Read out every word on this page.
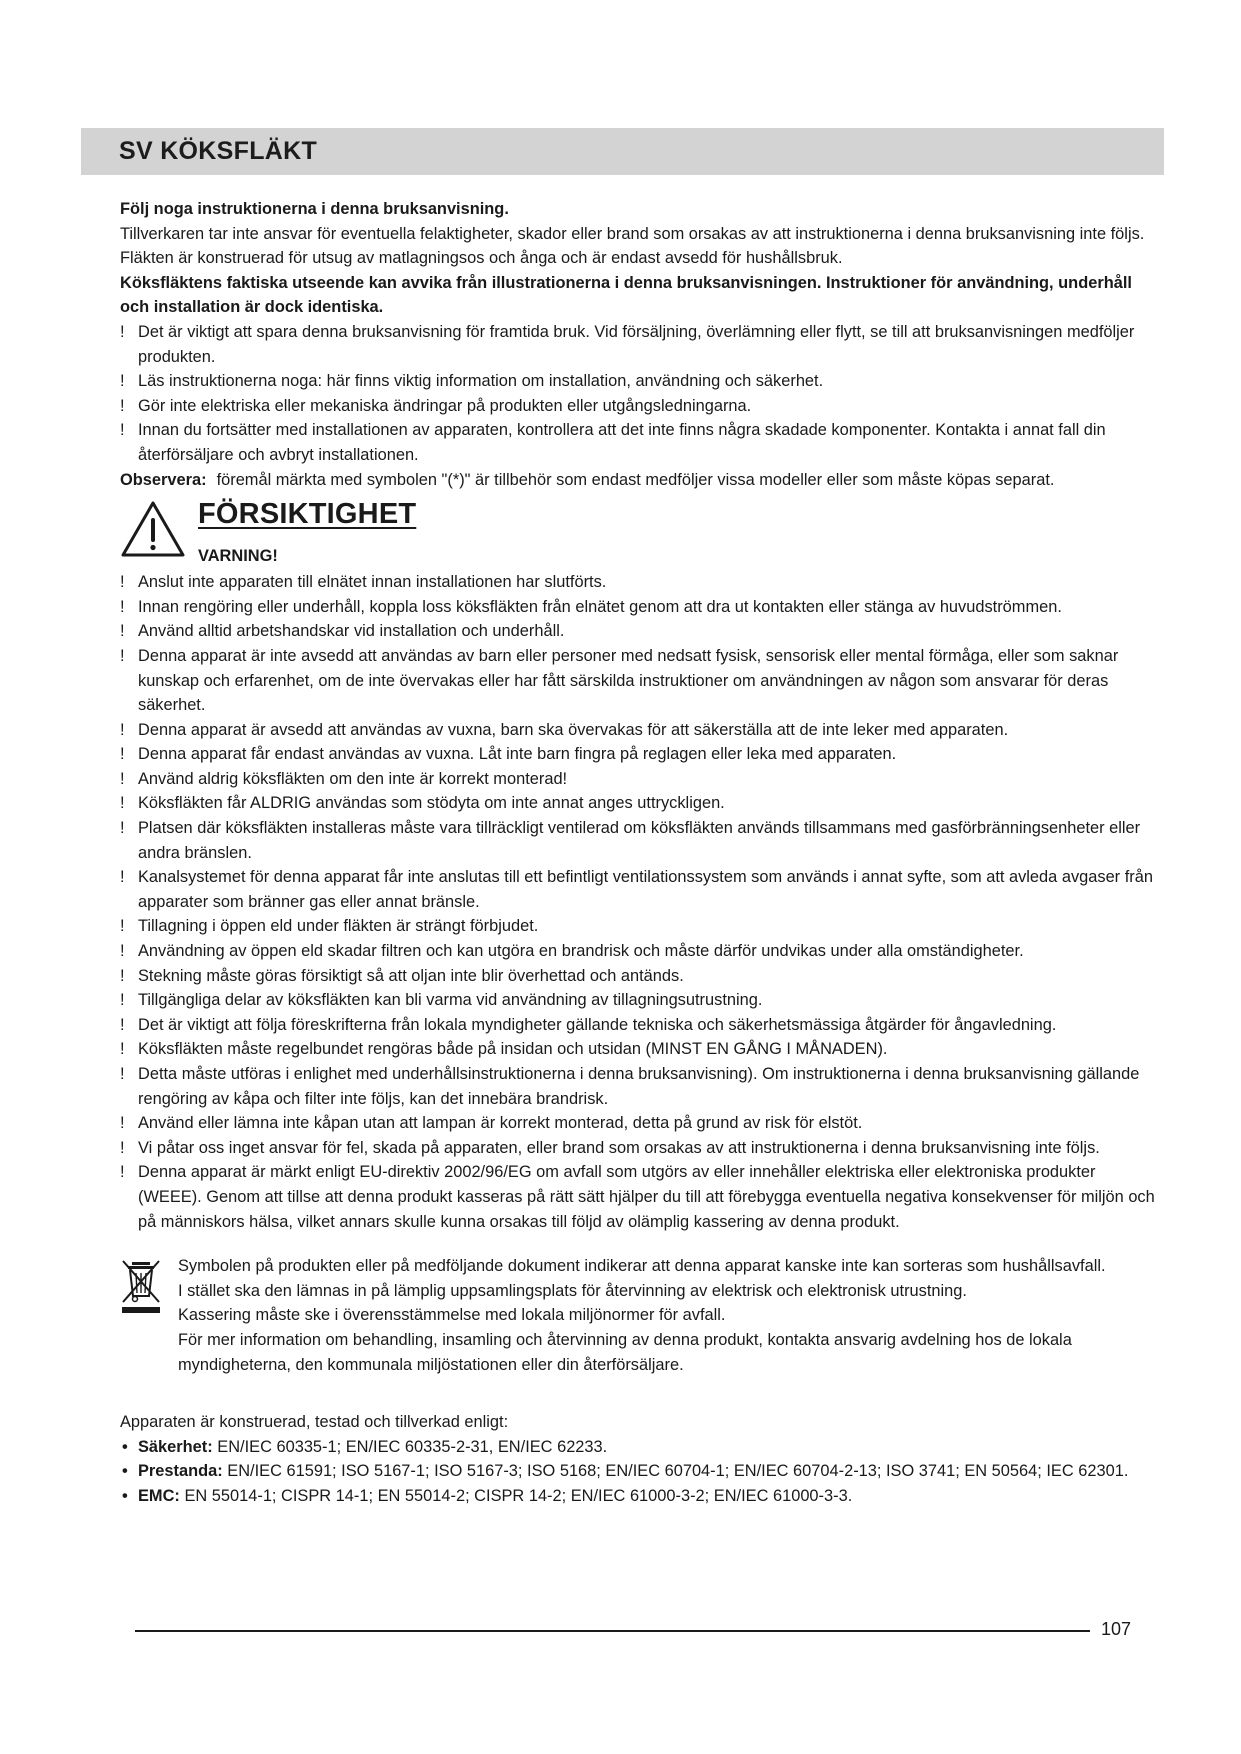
SV KÖKSFLÄKT

Följ noga instruktionerna i denna bruksanvisning.

Tillverkaren tar inte ansvar för eventuella felaktigheter, skador eller brand som orsakas av att instruktionerna i denna bruksanvisning inte följs.

Fläkten är konstruerad för utsug av matlagningsos och ånga och är endast avsedd för hushållsbruk.

Köksfläktens faktiska utseende kan avvika från illustrationerna i denna bruksanvisningen. Instruktioner för användning, underhåll och installation är dock identiska.

! Det är viktigt att spara denna bruksanvisning för framtida bruk. Vid försäljning, överlämning eller flytt, se till att bruksanvisningen medföljer produkten.

! Läs instruktionerna noga: här finns viktig information om installation, användning och säkerhet.

! Gör inte elektriska eller mekaniska ändringar på produkten eller utgångsledningarna.

! Innan du fortsätter med installationen av apparaten, kontrollera att det inte finns några skadade komponenter. Kontakta i annat fall din återförsäljare och avbryt installationen.

Observera: föremål märkta med symbolen "(*)" är tillbehör som endast medföljer vissa modeller eller som måste köpas separat.

FÖRSIKTIGHET
VARNING!

! Anslut inte apparaten till elnätet innan installationen har slutförts.

! Innan rengöring eller underhåll, koppla loss köksfläkten från elnätet genom att dra ut kontakten eller stänga av huvudströmmen.

! Använd alltid arbetshandskar vid installation och underhåll.

! Denna apparat är inte avsedd att användas av barn eller personer med nedsatt fysisk, sensorisk eller mental förmåga, eller som saknar kunskap och erfarenhet, om de inte övervakas eller har fått särskilda instruktioner om användningen av någon som ansvarar för deras säkerhet.

! Denna apparat är avsedd att användas av vuxna, barn ska övervakas för att säkerställa att de inte leker med apparaten.

! Denna apparat får endast användas av vuxna. Låt inte barn fingra på reglagen eller leka med apparaten.

! Använd aldrig köksfläkten om den inte är korrekt monterad!

! Köksfläkten får ALDRIG användas som stödyta om inte annat anges uttryckligen.

! Platsen där köksfläkten installeras måste vara tillräckligt ventilerad om köksfläkten används tillsammans med gasförbränningsenheter eller andra bränslen.

! Kanalsystemet för denna apparat får inte anslutas till ett befintligt ventilationssystem som används i annat syfte, som att avleda avgaser från apparater som bränner gas eller annat bränsle.

! Tillagning i öppen eld under fläkten är strängt förbjudet.

! Användning av öppen eld skadar filtren och kan utgöra en brandrisk och måste därför undvikas under alla omständigheter.

! Stekning måste göras försiktigt så att oljan inte blir överhettad och antänds.

! Tillgängliga delar av köksfläkten kan bli varma vid användning av tillagningsutrustning.

! Det är viktigt att följa föreskrifterna från lokala myndigheter gällande tekniska och säkerhetsmässiga åtgärder för ångavledning.

! Köksfläkten måste regelbundet rengöras både på insidan och utsidan (MINST EN GÅNG I MÅNADEN).

! Detta måste utföras i enlighet med underhållsinstruktionerna i denna bruksanvisning). Om instruktionerna i denna bruksanvisning gällande rengöring av kåpa och filter inte följs, kan det innebära brandrisk.

! Använd eller lämna inte kåpan utan att lampan är korrekt monterad, detta på grund av risk för elstöt.

! Vi påtar oss inget ansvar för fel, skada på apparaten, eller brand som orsakas av att instruktionerna i denna bruksanvisning inte följs.

! Denna apparat är märkt enligt EU-direktiv 2002/96/EG om avfall som utgörs av eller innehåller elektriska eller elektroniska produkter (WEEE). Genom att tillse att denna produkt kasseras på rätt sätt hjälper du till att förebygga eventuella negativa konsekvenser för miljön och på människors hälsa, vilket annars skulle kunna orsakas till följd av olämplig kassering av denna produkt.

Symbolen på produkten eller på medföljande dokument indikerar att denna apparat kanske inte kan sorteras som hushållsavfall.

I stället ska den lämnas in på lämplig uppsamlingsplats för återvinning av elektrisk och elektronisk utrustning.

Kassering måste ske i överensstämmelse med lokala miljönormer för avfall.

För mer information om behandling, insamling och återvinning av denna produkt, kontakta ansvarig avdelning hos de lokala myndigheterna, den kommunala miljöstationen eller din återförsäljare.

Apparaten är konstruerad, testad och tillverkad enligt:

• Säkerhet: EN/IEC 60335-1; EN/IEC 60335-2-31, EN/IEC 62233.

• Prestanda: EN/IEC 61591; ISO 5167-1; ISO 5167-3; ISO 5168; EN/IEC 60704-1; EN/IEC 60704-2-13; ISO 3741; EN 50564; IEC 62301.

• EMC: EN 55014-1; CISPR 14-1; EN 55014-2; CISPR 14-2; EN/IEC 61000-3-2; EN/IEC 61000-3-3.

107
